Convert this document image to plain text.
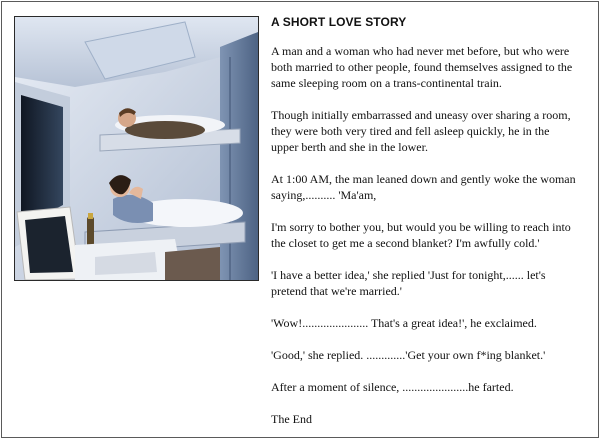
A SHORT LOVE STORY
A man and a woman who had never met before, but who were
both married to other people, found themselves assigned to the
same sleeping room on a trans-continental train.
Though initially embarrassed and uneasy over sharing a room,
they were both very tired and fell asleep quickly, he in the
upper berth and she in the lower.
At 1:00 AM, the man leaned down and gently woke the woman
saying,.......... 'Ma'am,
I'm sorry to bother you, but would you be willing to reach into
the closet to get me a second blanket? I'm awfully cold.'
'I have a better idea,' she replied 'Just for tonight,...... let's
pretend that we're married.'
'Wow!...................... That's a great idea!', he exclaimed.
'Good,' she replied. .............'Get your own f*ing blanket.'
After a moment of silence, ......................he farted.
The End
